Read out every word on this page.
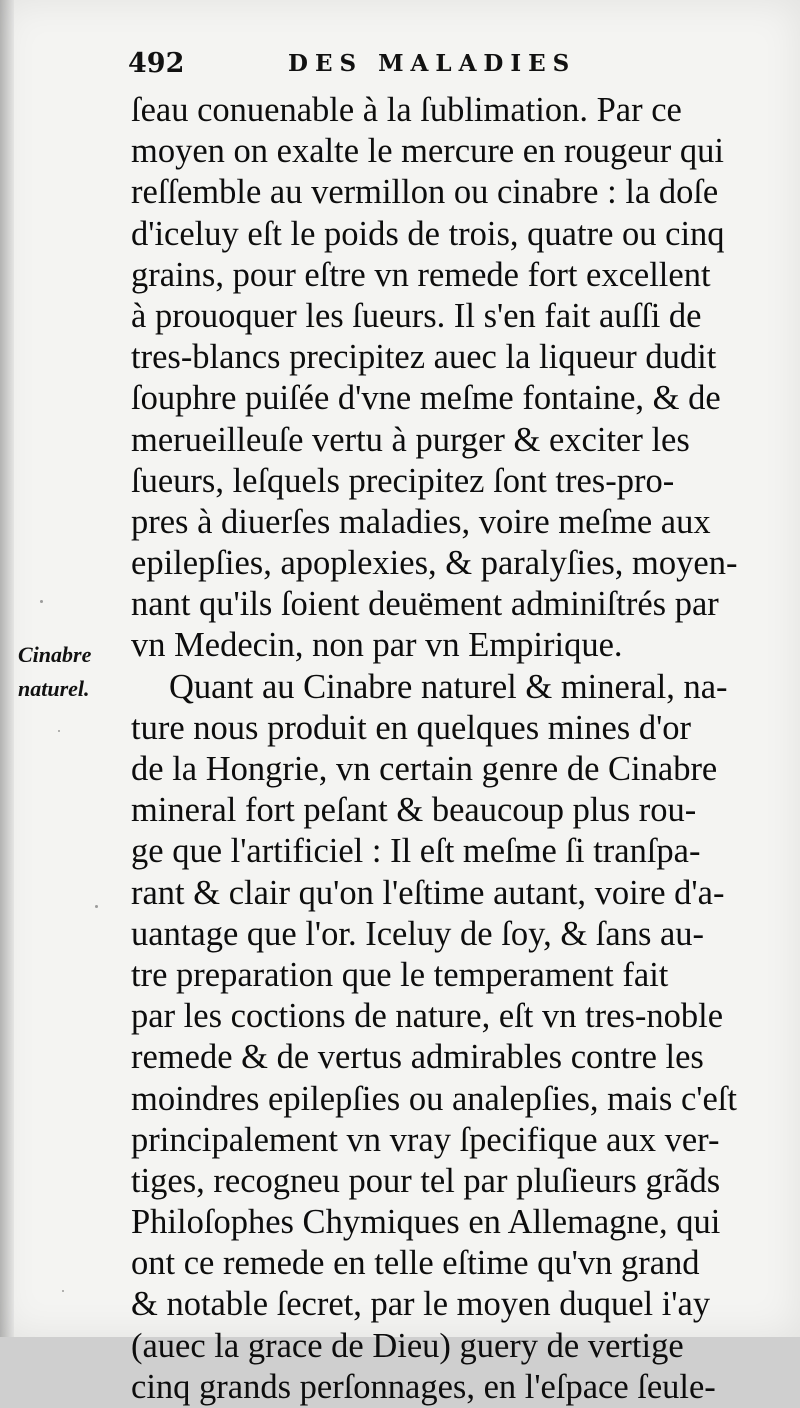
492	DES MALADIES
Cinabre
naturel.
ſeau conuenable à la ſublimation. Par ce
moyen on exalte le mercure en rougeur qui
reſſemble au vermillon ou cinabre : la doſe
d'iceluy eſt le poids de trois, quatre ou cinq
grains, pour eſtre vn remede fort excellent
à prouoquer les ſueurs. Il s'en fait auſſi de
tres-blancs precipitez auec la liqueur dudit
ſouphre puiſée d'vne meſme fontaine, & de
merueilleuſe vertu à purger & exciter les
ſueurs, leſquels precipitez ſont tres-pro-
pres à diuerſes maladies, voire meſme aux
epilepſies, apoplexies, & paralyſies, moyen-
nant qu'ils ſoient deuëment adminiſtrés par
vn Medecin, non par vn Empirique.
Quant au Cinabre naturel & mineral, na-
ture nous produit en quelques mines d'or
de la Hongrie, vn certain genre de Cinabre
mineral fort peſant & beaucoup plus rou-
ge que l'artificiel : Il eſt meſme ſi tranſpa-
rant & clair qu'on l'eſtime autant, voire d'a-
uantage que l'or. Iceluy de ſoy, & ſans au-
tre preparation que le temperament fait
par les coctions de nature, eſt vn tres-noble
remede & de vertus admirables contre les
moindres epilepſies ou analepſies, mais c'eſt
principalement vn vray ſpecifique aux ver-
tiges, recogneu pour tel par pluſieurs grãds
Philoſophes Chymiques en Allemagne, qui
ont ce remede en telle eſtime qu'vn grand
& notable ſecret, par le moyen duquel i'ay
(auec la grace de Dieu) guery de vertige
cinq grands perſonnages, en l'eſpace ſeule-
